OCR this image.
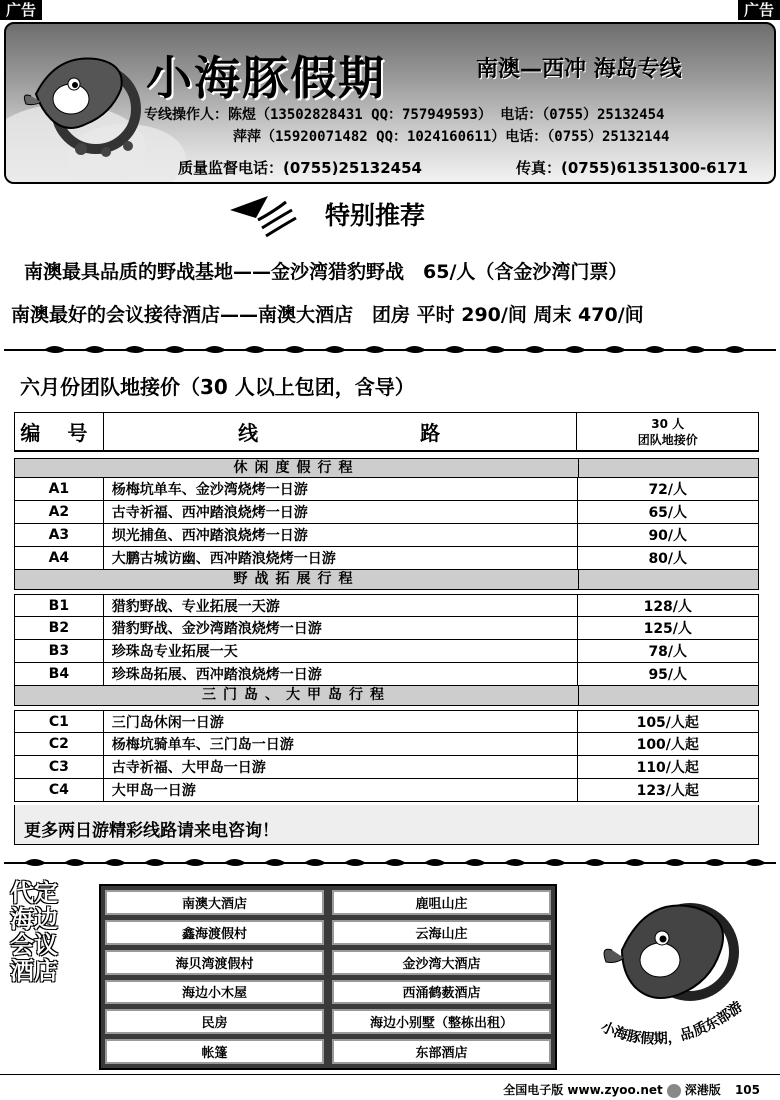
广告	广告
小海豚假期	南澳—西冲 海岛专线
专线操作人：陈煜（13502828431 QQ：757949593） 电话：（0755）25132454
萍萍（15920071482 QQ：1024160611）电话：（0755）25132144
质量监督电话：(0755)25132454	传真：(0755)61351300-6171
特别推荐
南澳最具品质的野战基地——金沙湾猎豹野战　65/人（含金沙湾门票）
南澳最好的会议接待酒店——南澳大酒店　团房 平时 290/间 周末 470/间
六月份团队地接价（30 人以上包团，含导）
编 号	线	路	30 人
团队地接价
休闲度假行程
A1	杨梅坑单车、金沙湾烧烤一日游	72/人
A2	古寺祈福、西冲踏浪烧烤一日游	65/人
A3	坝光捕鱼、西冲踏浪烧烤一日游	90/人
A4	大鹏古城访幽、西冲踏浪烧烤一日游	80/人
野战拓展行程
B1	猎豹野战、专业拓展一天游	128/人
B2	猎豹野战、金沙湾踏浪烧烤一日游	125/人
B3	珍珠岛专业拓展一天	78/人
B4	珍珠岛拓展、西冲踏浪烧烤一日游	95/人
三门岛、大甲岛行程
C1	三门岛休闲一日游	105/人起
C2	杨梅坑骑单车、三门岛一日游	100/人起
C3	古寺祈福、大甲岛一日游	110/人起
C4	大甲岛一日游	123/人起
更多两日游精彩线路请来电咨询！
代定海边会议酒店
南澳大酒店	鹿咀山庄
鑫海渡假村	云海山庄
海贝湾渡假村	金沙湾大酒店
海边小木屋	西涌鹤薮酒店
民房	海边小别墅（整栋出租）
帐篷	东部酒店
小海豚假期，品质东部游
全国电子版 www.zyoo.net 深港版 105
